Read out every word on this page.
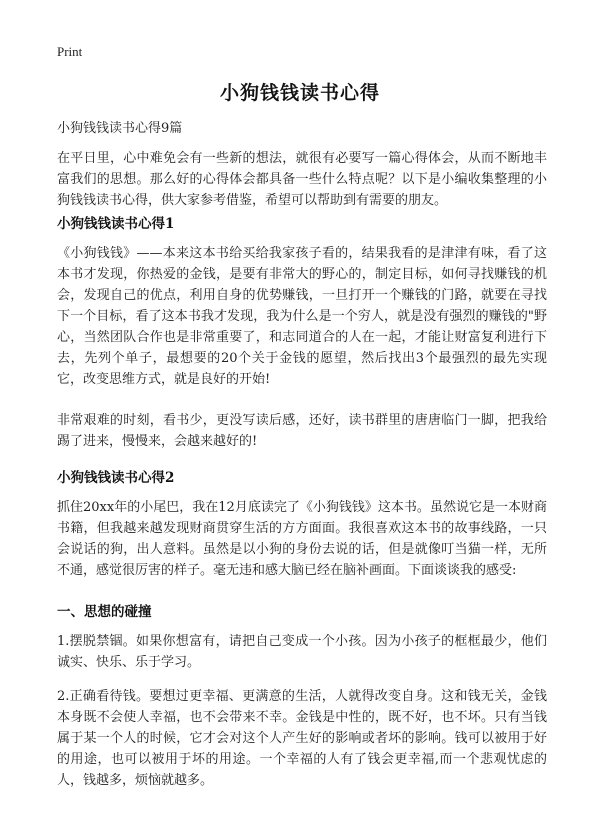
Print
小狗钱钱读书心得
小狗钱钱读书心得9篇

在平日里，心中难免会有一些新的想法，就很有必要写一篇心得体会，从而不断地丰富我们的思想。那么好的心得体会都具备一些什么特点呢？以下是小编收集整理的小狗钱钱读书心得，供大家参考借鉴，希望可以帮助到有需要的朋友。

小狗钱钱读书心得1

《小狗钱钱》——本来这本书给买给我家孩子看的，结果我看的是津津有味，看了这本书才发现，你热爱的金钱，是要有非常大的野心的，制定目标，如何寻找赚钱的机会，发现自己的优点，利用自身的优势赚钱，一旦打开一个赚钱的门路，就要在寻找下一个目标，看了这本书我才发现，我为什么是一个穷人，就是没有强烈的赚钱的"野心，当然团队合作也是非常重要了，和志同道合的人在一起，才能让财富复利进行下去，先列个单子，最想要的20个关于金钱的愿望，然后找出3个最强烈的最先实现它，改变思维方式，就是良好的开始!

非常艰难的时刻，看书少，更没写读后感，还好，读书群里的唐唐临门一脚，把我给踢了进来，慢慢来，会越来越好的!

小狗钱钱读书心得2

抓住20xx年的小尾巴，我在12月底读完了《小狗钱钱》这本书。虽然说它是一本财商书籍，但我越来越发现财商贯穿生活的方方面面。我很喜欢这本书的故事线路，一只会说话的狗，出人意料。虽然是以小狗的身份去说的话，但是就像叮当猫一样，无所不通，感觉很厉害的样子。毫无违和感大脑已经在脑补画面。下面谈谈我的感受:

一、思想的碰撞

1.摆脱禁锢。如果你想富有，请把自己变成一个小孩。因为小孩子的框框最少，他们诚实、快乐、乐于学习。

2.正确看待钱。要想过更幸福、更满意的生活，人就得改变自身。这和钱无关，金钱本身既不会使人幸福，也不会带来不幸。金钱是中性的，既不好，也不坏。只有当钱属于某一个人的时候，它才会对这个人产生好的影响或者坏的影响。钱可以被用于好的用途，也可以被用于坏的用途。一个幸福的人有了钱会更幸福,而一个悲观忧虑的人，钱越多，烦恼就越多。
